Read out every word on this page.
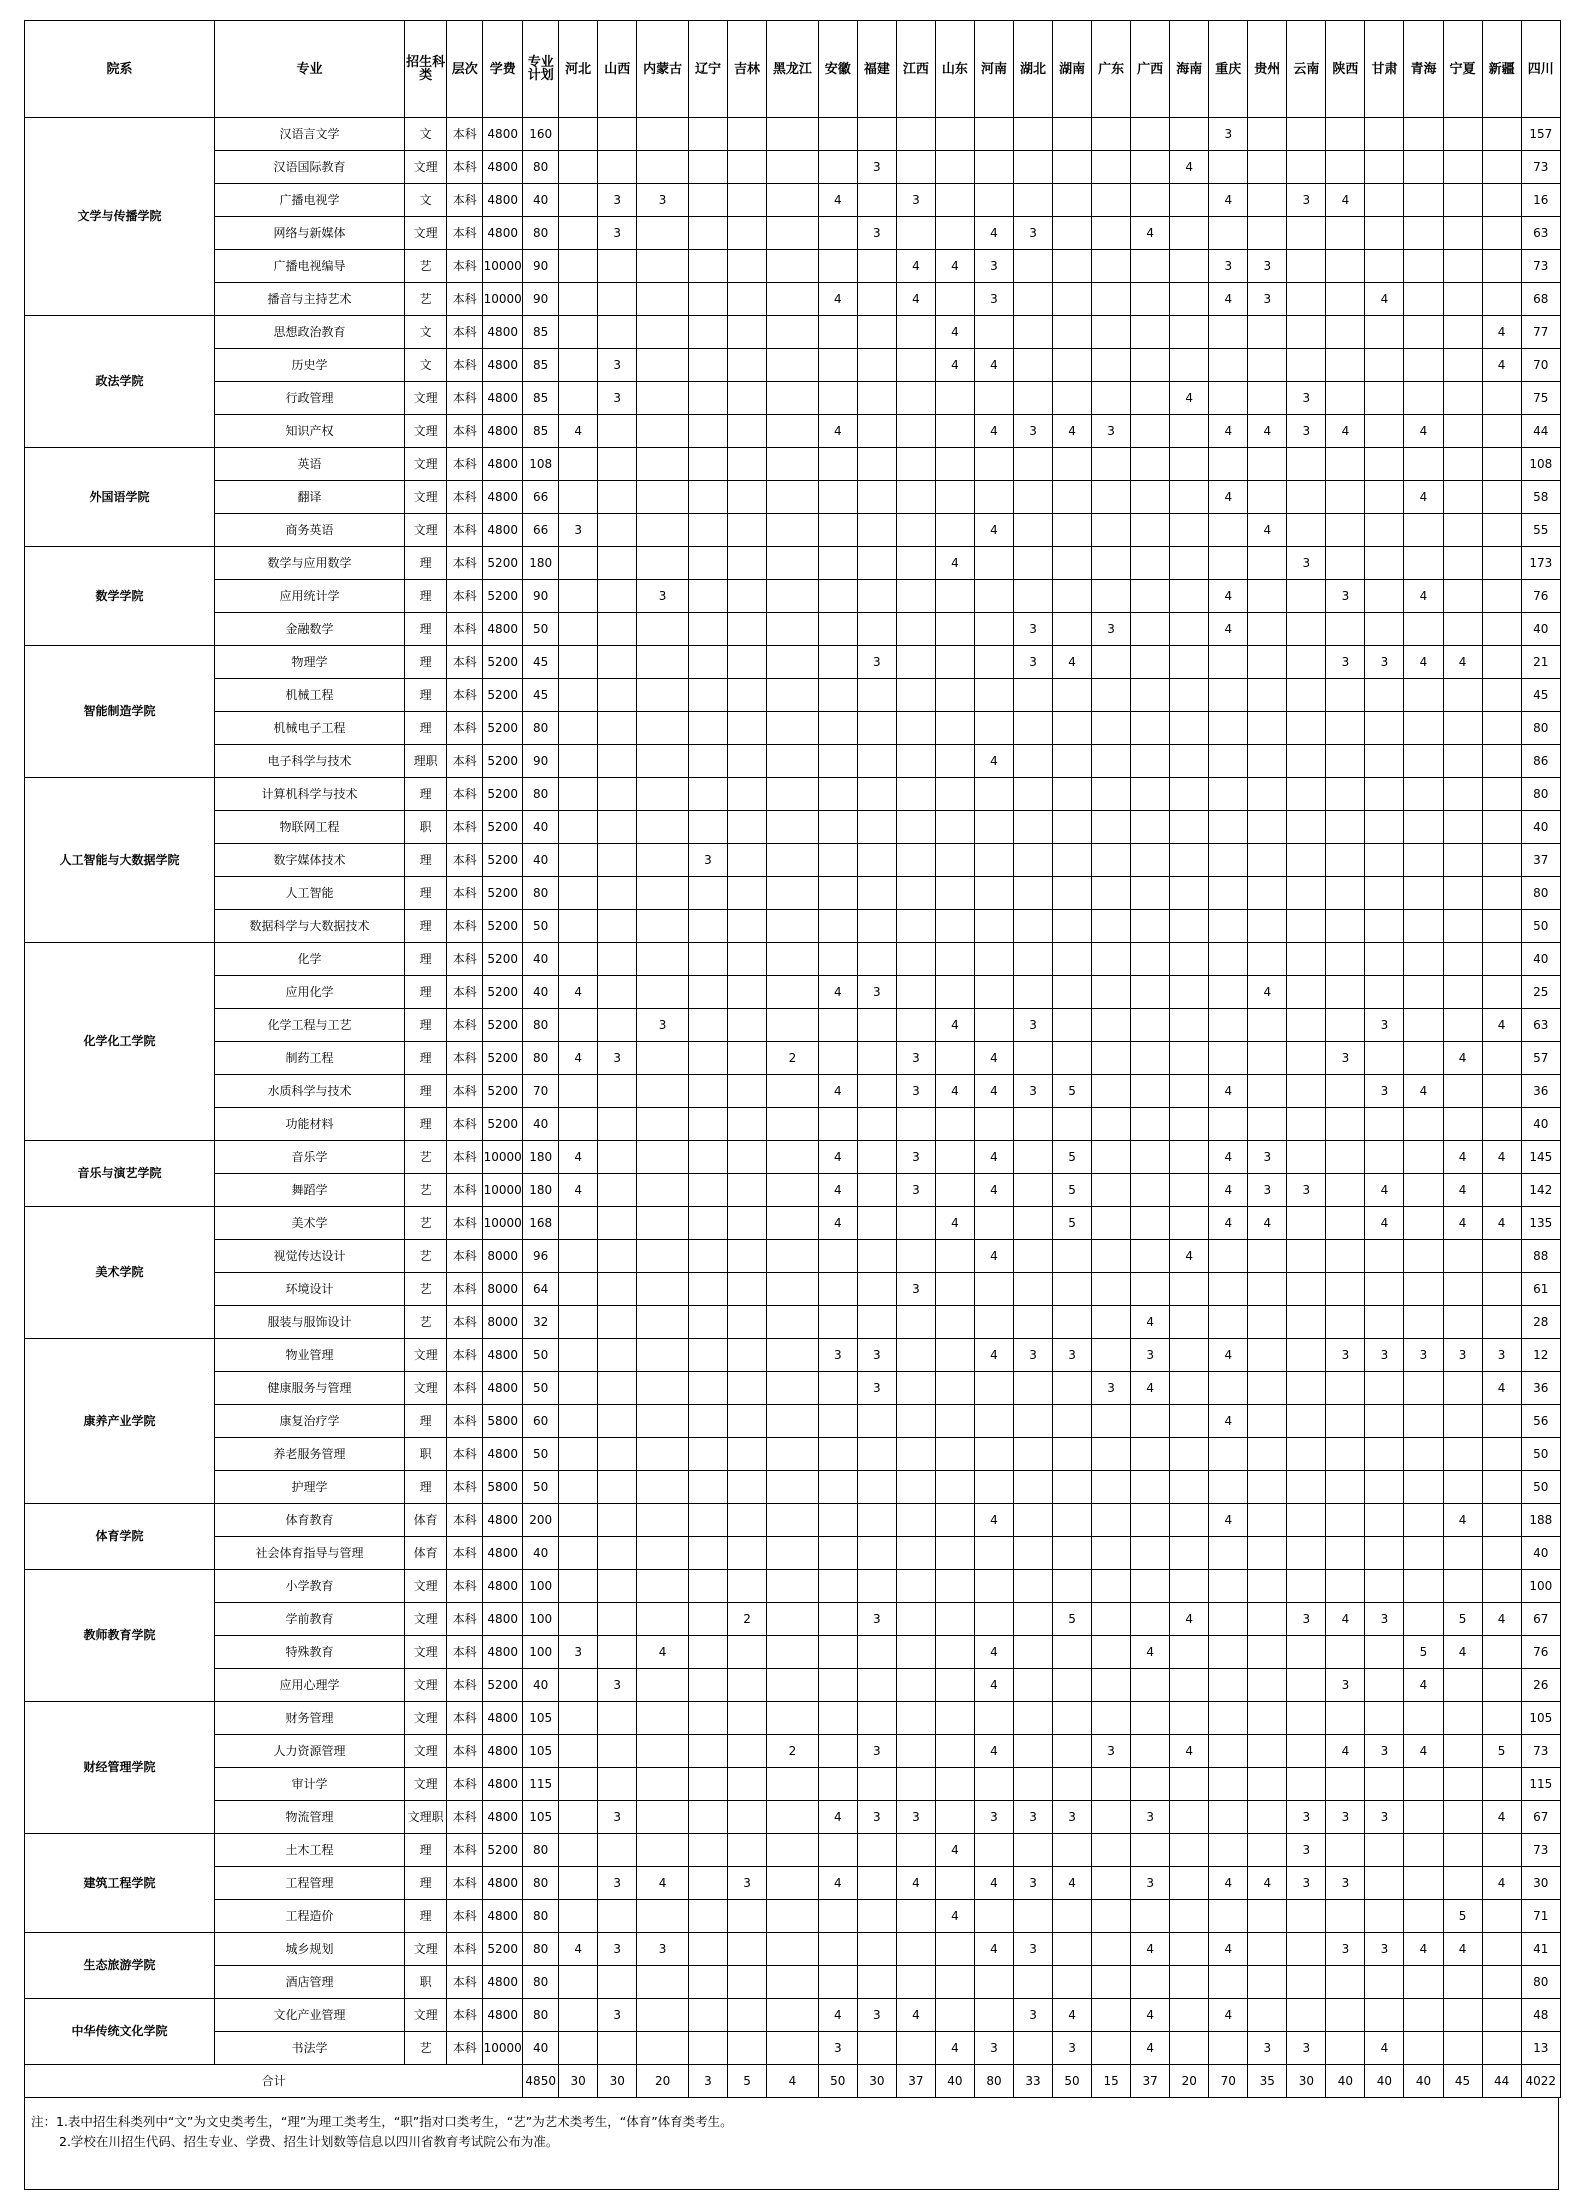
院系	专业	招生科类	层次	学费	专业计划	河北	山西	内蒙古	辽宁	吉林	黑龙江	安徽	福建	江西	山东	河南	湖北	湖南	广东	广西	海南	重庆	贵州	云南	陕西	甘肃	青海	宁夏	新疆	四川
文学与传播学院	汉语言文学	文	本科	4800	160																	3								157
	汉语国际教育	文理	本科	4800	80								3								4									73
	广播电视学	文	本科	4800	40		3	3				4		3								4		3	4					16
	网络与新媒体	文理	本科	4800	80		3						3			4	3			4										63
	广播电视编导	艺	本科	10000	90									4	4	3						3	3							73
	播音与主持艺术	艺	本科	10000	90							4		4		3						4	3			4				68
政法学院	思想政治教育	文	本科	4800	85										4														4	77
	历史学	文	本科	4800	85		3								4	4													4	70
	行政管理	文理	本科	4800	85		3														4			3						75
	知识产权	文理	本科	4800	85	4						4				4	3	4	3			4	4	3	4		4			44
外国语学院	英语	文理	本科	4800	108																									108
	翻译	文理	本科	4800	66																	4					4			58
	商务英语	文理	本科	4800	66	3										4							4							55
数学学院	数学与应用数学	理	本科	5200	180										4									3						173
	应用统计学	理	本科	5200	90			3														4			3		4			76
	金融数学	理	本科	4800	50												3		3			4								40
智能制造学院	物理学	理	本科	5200	45								3				3	4							3	3	4	4		21
	机械工程	理	本科	5200	45																									45
	机械电子工程	理	本科	5200	80																									80
	电子科学与技术	理职	本科	5200	90											4														86
人工智能与大数据学院	计算机科学与技术	理	本科	5200	80																									80
	物联网工程	职	本科	5200	40																									40
	数字媒体技术	理	本科	5200	40				3																					37
	人工智能	理	本科	5200	80																									80
	数据科学与大数据技术	理	本科	5200	50																									50
化学化工学院	化学	理	本科	5200	40																									40
	应用化学	理	本科	5200	40	4						4	3										4							25
	化学工程与工艺	理	本科	5200	80			3							4		3									3			4	63
	制药工程	理	本科	5200	80	4	3				2			3		4									3			4		57
	水质科学与技术	理	本科	5200	70							4		3	4	4	3	5				4				3	4			36
	功能材料	理	本科	5200	40																									40
音乐与演艺学院	音乐学	艺	本科	10000	180	4						4		3		4		5				4	3					4	4	145
	舞蹈学	艺	本科	10000	180	4						4		3		4		5				4	3	3		4		4		142
美术学院	美术学	艺	本科	10000	168							4			4			5				4	4			4		4	4	135
	视觉传达设计	艺	本科	8000	96											4					4									88
	环境设计	艺	本科	8000	64									3																61
	服装与服饰设计	艺	本科	8000	32															4										28
康养产业学院	物业管理	文理	本科	4800	50							3	3			4	3	3		3		4			3	3	3	3	3	12
	健康服务与管理	文理	本科	4800	50								3						3	4									4	36
	康复治疗学	理	本科	5800	60																	4								56
	养老服务管理	职	本科	4800	50																									50
	护理学	理	本科	5800	50																									50
体育学院	体育教育	体育	本科	4800	200											4						4						4		188
	社会体育指导与管理	体育	本科	4800	40																									40
教师教育学院	小学教育	文理	本科	4800	100																									100
	学前教育	文理	本科	4800	100					2			3					5			4			3	4	3		5	4	67
	特殊教育	文理	本科	4800	100	3		4								4				4							5	4		76
	应用心理学	文理	本科	5200	40		3									4									3		4			26
财经管理学院	财务管理	文理	本科	4800	105																									105
	人力资源管理	文理	本科	4800	105						2		3			4			3		4				4	3	4		5	73
	审计学	文理	本科	4800	115																									115
	物流管理	文理职	本科	4800	105		3					4	3	3		3	3	3		3				3	3	3			4	67
建筑工程学院	土木工程	理	本科	5200	80										4									3						73
	工程管理	理	本科	4800	80		3	4		3		4		4		4	3	4		3		4	4	3	3				4	30
	工程造价	理	本科	4800	80										4													5		71
生态旅游学院	城乡规划	文理	本科	5200	80	4	3	3								4	3			4		4			3	3	4	4		41
	酒店管理	职	本科	4800	80																									80
中华传统文化学院	文化产业管理	文理	本科	4800	80		3					4	3	4			3	4		4		4								48
	书法学	艺	本科	10000	40							3			4	3		3		4			3	3		4				13
合计					4850	30	30	20	3	5	4	50	30	37	40	80	33	50	15	37	20	70	35	30	40	40	40	45	44	4022
注：1.表中招生科类列中“文”为文史类考生，“理”为理工类考生，“职”指对口类考生，“艺”为艺术类考生，“体育”体育类考生。
2.学校在川招生代码、招生专业、学费、招生计划数等信息以四川省教育考试院公布为准。
